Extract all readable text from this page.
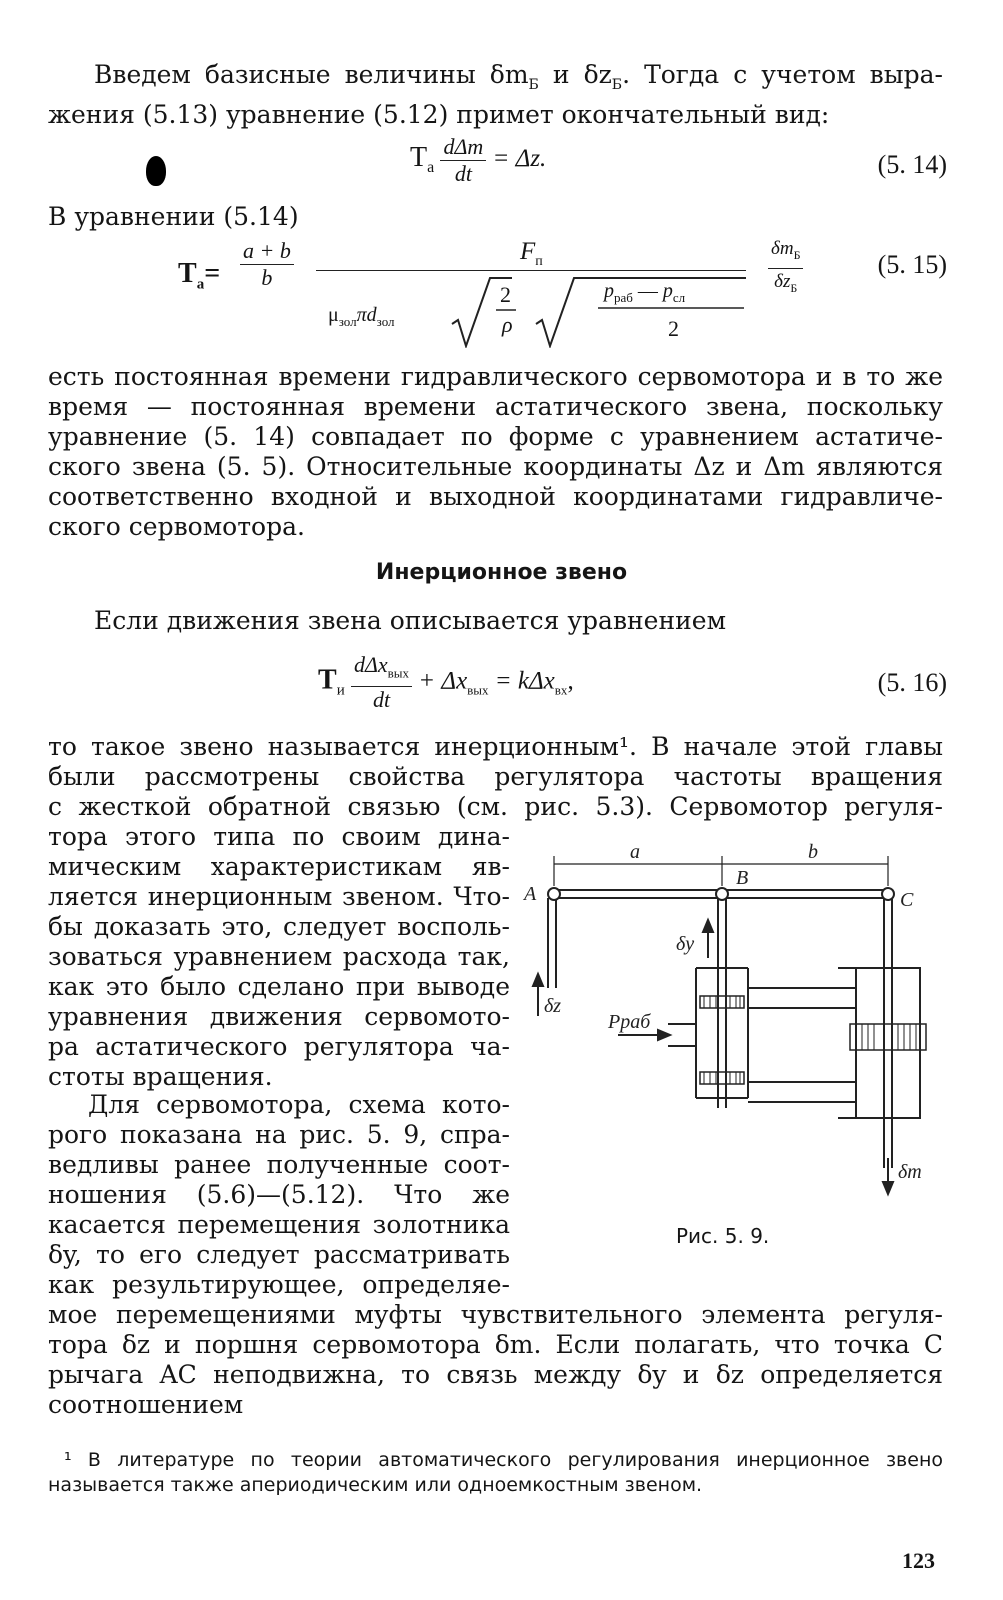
Введем базисные величины $\delta m_Б$ и $\delta z_Б$. Тогда с учетом выра-
жения (5.13) уравнение (5.12) примет окончательный вид:
$T_а \frac{\text{dΔm}}{dt} = \Delta z$.	(5. 14)
В уравнении (5.14)
$T_а= \frac{a + b}{b}$	$F_п$
$\mu_{зол}\pi d_{зол}$
2
ρ
$p_{раб}$ — $p_{сл}$
2
$\delta m_Б$
$\delta z_Б$
(5. 15)
есть постоянная времени гидравлического сервомотора и в то же
время — постоянная времени астатического звена, поскольку
уравнение (5. 14) совпадает по форме с уравнением астатиче-
ского звена (5. 5). Относительные координаты Δz и Δm являются
соответственно входной и выходной координатами гидравличе-
ского сервомотора.
Инерционное звено
Если движения звена описывается уравнением
$T_и \frac{d\Delta x_{вых}}{dt} + \Delta x_{вых} = k\Delta x_{вх}$,	(5. 16)
то такое звено называется инерционным¹. В начале этой главы
были рассмотрены свойства регулятора частоты вращения
с жесткой обратной связью (см. рис. 5.3). Сервомотор регуля-
тора этого типа по своим дина-
мическим характеристикам яв-
ляется инерционным звеном. Что-
бы доказать это, следует восполь-
зоваться уравнением расхода так,
как это было сделано при выводе
уравнения движения сервомото-
ра астатического регулятора ча-
стоты вращения.
Для сервомотора, схема кото-
рого показана на рис. 5. 9, спра-
ведливы ранее полученные соот-
ношения (5.6)—(5.12). Что же
касается перемещения золотника
δy, то его следует рассматривать
как результирующее, определяе-
мое перемещениями муфты чувствительного элемента регуля-
тора δz и поршня сервомотора δm. Если полагать, что точка C
рычага AC неподвижна, то связь между δy и δz определяется
соотношением
a	b
A
B
C
δy
δz
Pраб
δm
Рис. 5. 9.
¹ В литературе по теории автоматического регулирования инерционное звено называется также апериодическим или одноемкостным звеном.
123
